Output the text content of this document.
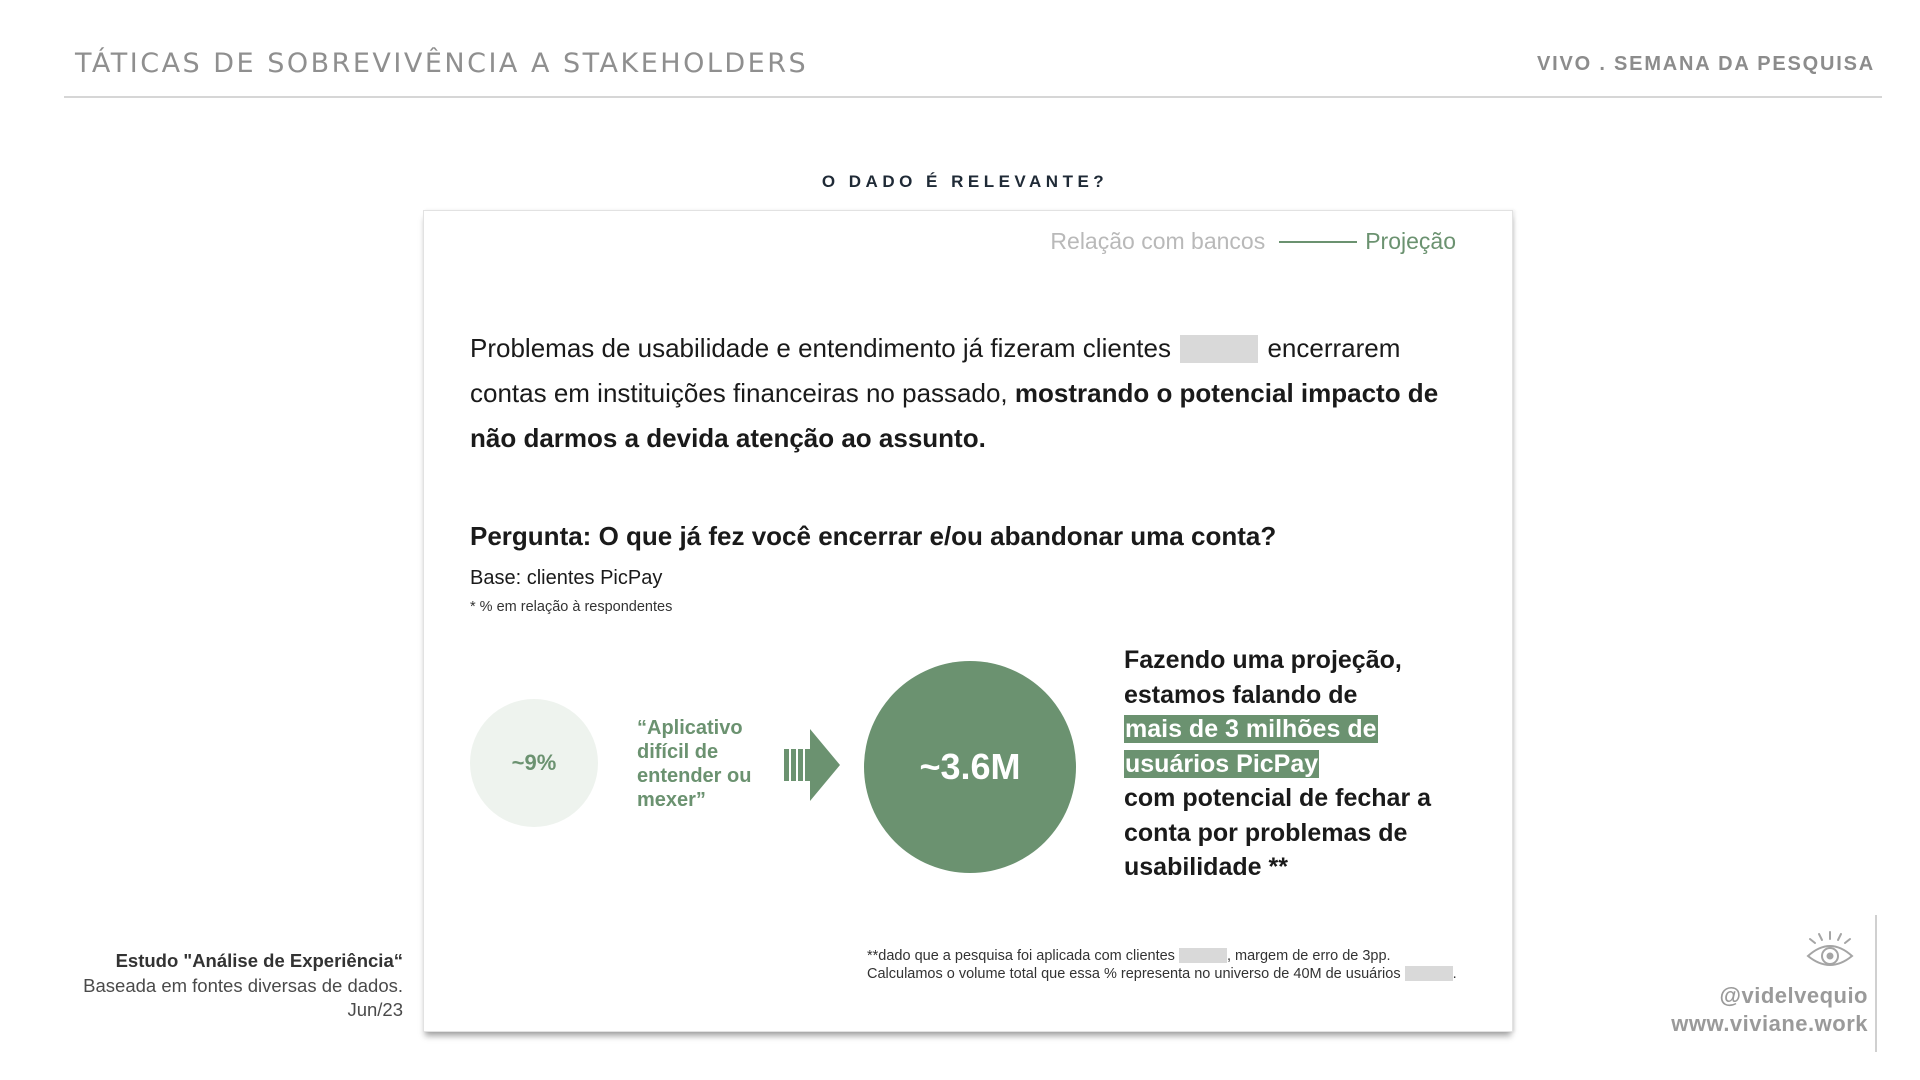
TÁTICAS DE SOBREVIVÊNCIA A STAKEHOLDERS	VIVO . SEMANA DA PESQUISA
O DADO É RELEVANTE?
Relação com bancos	Projeção
Problemas de usabilidade e entendimento já fizeram clientes	encerrarem contas em instituições financeiras no passado, mostrando o potencial impacto de não darmos a devida atenção ao assunto.
Pergunta: O que já fez você encerrar e/ou abandonar uma conta?
Base: clientes PicPay
* % em relação à respondentes
~9%
“Aplicativo difícil de entender ou mexer”
~3.6M
Fazendo uma projeção, estamos falando de
mais de 3 milhões de
usuários PicPay
com potencial de fechar a conta por problemas de usabilidade **
**dado que a pesquisa foi aplicada com clientes	, margem de erro de 3pp. Calculamos o volume total que essa % representa no universo de 40M de usuários	.
Estudo "Análise de Experiência“
Baseada em fontes diversas de dados.
Jun/23
@videlvequio
www.viviane.work
